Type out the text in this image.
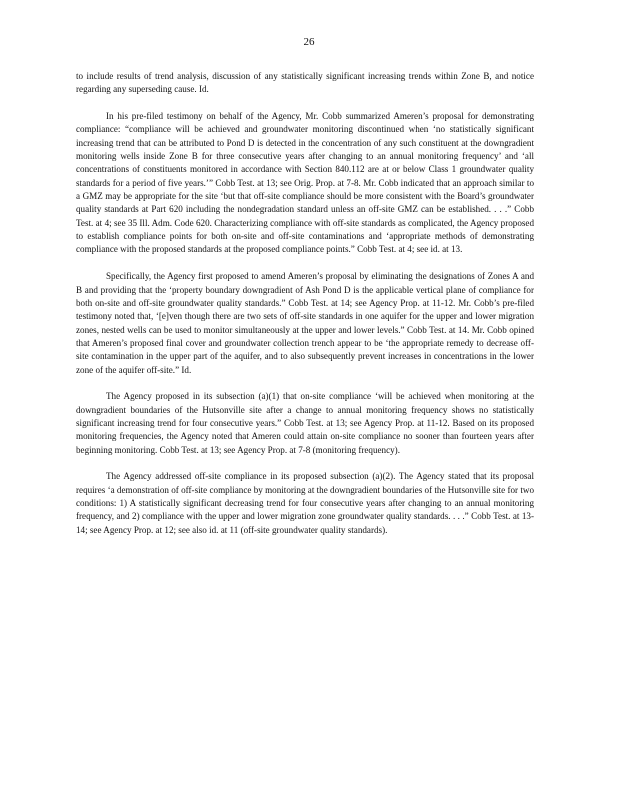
26

to include results of trend analysis, discussion of any statistically significant increasing trends within Zone B, and notice regarding any superseding cause. Id.

In his pre-filed testimony on behalf of the Agency, Mr. Cobb summarized Ameren’s proposal for demonstrating compliance: “compliance will be achieved and groundwater monitoring discontinued when ‘no statistically significant increasing trend that can be attributed to Pond D is detected in the concentration of any such constituent at the downgradient monitoring wells inside Zone B for three consecutive years after changing to an annual monitoring frequency’ and ‘all concentrations of constituents monitored in accordance with Section 840.112 are at or below Class 1 groundwater quality standards for a period of five years.’” Cobb Test. at 13; see Orig. Prop. at 7-8. Mr. Cobb indicated that an approach similar to a GMZ may be appropriate for the site ‘but that off-site compliance should be more consistent with the Board’s groundwater quality standards at Part 620 including the nondegradation standard unless an off-site GMZ can be established. . . .” Cobb Test. at 4; see 35 Ill. Adm. Code 620. Characterizing compliance with off-site standards as complicated, the Agency proposed to establish compliance points for both on-site and off-site contaminations and ‘appropriate methods of demonstrating compliance with the proposed standards at the proposed compliance points.” Cobb Test. at 4; see id. at 13.

Specifically, the Agency first proposed to amend Ameren’s proposal by eliminating the designations of Zones A and B and providing that the ‘property boundary downgradient of Ash Pond D is the applicable vertical plane of compliance for both on-site and off-site groundwater quality standards.” Cobb Test. at 14; see Agency Prop. at 11-12. Mr. Cobb’s pre-filed testimony noted that, ‘[e]ven though there are two sets of off-site standards in one aquifer for the upper and lower migration zones, nested wells can be used to monitor simultaneously at the upper and lower levels.” Cobb Test. at 14. Mr. Cobb opined that Ameren’s proposed final cover and groundwater collection trench appear to be ‘the appropriate remedy to decrease off-site contamination in the upper part of the aquifer, and to also subsequently prevent increases in concentrations in the lower zone of the aquifer off-site.” Id.

The Agency proposed in its subsection (a)(1) that on-site compliance ‘will be achieved when monitoring at the downgradient boundaries of the Hutsonville site after a change to annual monitoring frequency shows no statistically significant increasing trend for four consecutive years.” Cobb Test. at 13; see Agency Prop. at 11-12. Based on its proposed monitoring frequencies, the Agency noted that Ameren could attain on-site compliance no sooner than fourteen years after beginning monitoring. Cobb Test. at 13; see Agency Prop. at 7-8 (monitoring frequency).

The Agency addressed off-site compliance in its proposed subsection (a)(2). The Agency stated that its proposal requires ‘a demonstration of off-site compliance by monitoring at the downgradient boundaries of the Hutsonville site for two conditions: 1) A statistically significant decreasing trend for four consecutive years after changing to an annual monitoring frequency, and 2) compliance with the upper and lower migration zone groundwater quality standards. . . .” Cobb Test. at 13-14; see Agency Prop. at 12; see also id. at 11 (off-site groundwater quality standards).
